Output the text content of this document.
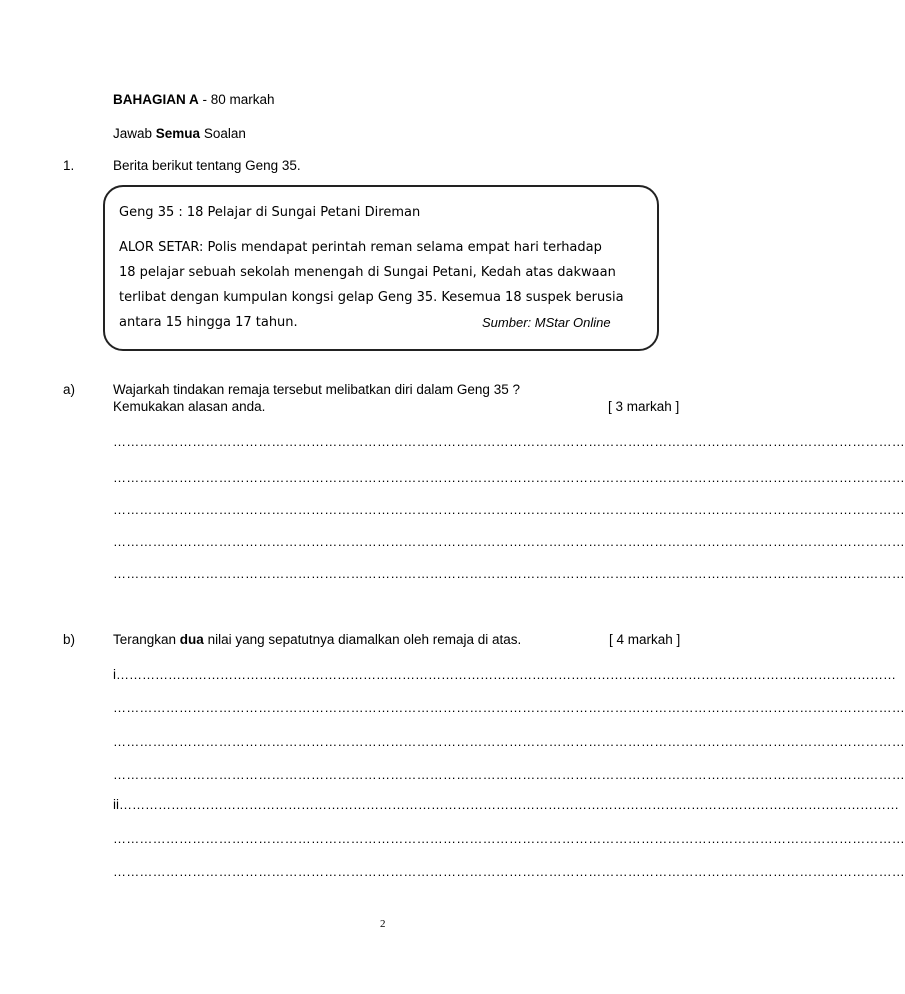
BAHAGIAN A - 80 markah
Jawab Semua Soalan
1.	Berita berikut tentang Geng 35.
Geng 35 : 18 Pelajar di Sungai Petani Direman
ALOR SETAR: Polis mendapat perintah reman selama empat hari terhadap
18 pelajar sebuah sekolah menengah di Sungai Petani, Kedah atas dakwaan
terlibat dengan kumpulan kongsi gelap Geng 35. Kesemua 18 suspek berusia
antara 15 hingga 17 tahun.	Sumber: MStar Online
a)	Wajarkah tindakan remaja tersebut melibatkan diri dalam Geng 35 ?
Kemukakan alasan anda.	[ 3 markah ]
………………………………………………………………………………………………………………………………………………………………
………………………………………………………………………………………………………………………………………………………………
………………………………………………………………………………………………………………………………………………………………
………………………………………………………………………………………………………………………………………………………………
………………………………………………………………………………………………………………………………………………………………
b)	Terangkan dua nilai yang sepatutnya diamalkan oleh remaja di atas.	[ 4 markah ]
i………………………………………………………………………………………………………………………………………………………………
………………………………………………………………………………………………………………………………………………………………
………………………………………………………………………………………………………………………………………………………………
………………………………………………………………………………………………………………………………………………………………
ii………………………………………………………………………………………………………………………………………………………………
………………………………………………………………………………………………………………………………………………………………
………………………………………………………………………………………………………………………………………………………………
2
